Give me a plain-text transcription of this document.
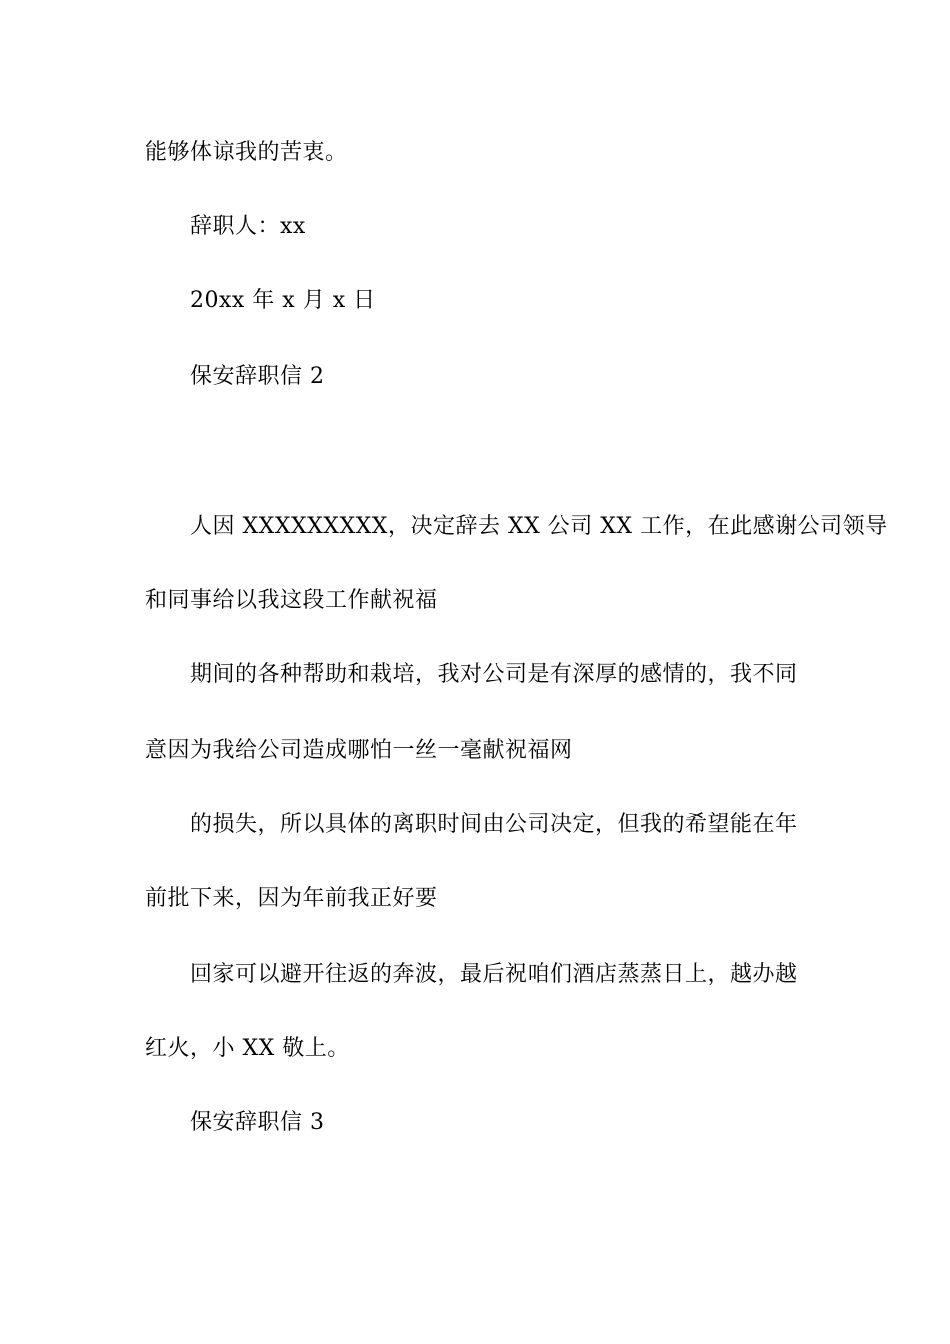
能够体谅我的苦衷。
辞职人：xx
20xx 年 x 月 x 日
保安辞职信 2
人因 XXXXXXXXX，决定辞去 XX 公司 XX 工作，在此感谢公司领导
和同事给以我这段工作献祝福
期间的各种帮助和栽培，我对公司是有深厚的感情的，我不同
意因为我给公司造成哪怕一丝一毫献祝福网
的损失，所以具体的离职时间由公司决定，但我的希望能在年
前批下来，因为年前我正好要
回家可以避开往返的奔波，最后祝咱们酒店蒸蒸日上，越办越
红火，小 XX 敬上。
保安辞职信 3
